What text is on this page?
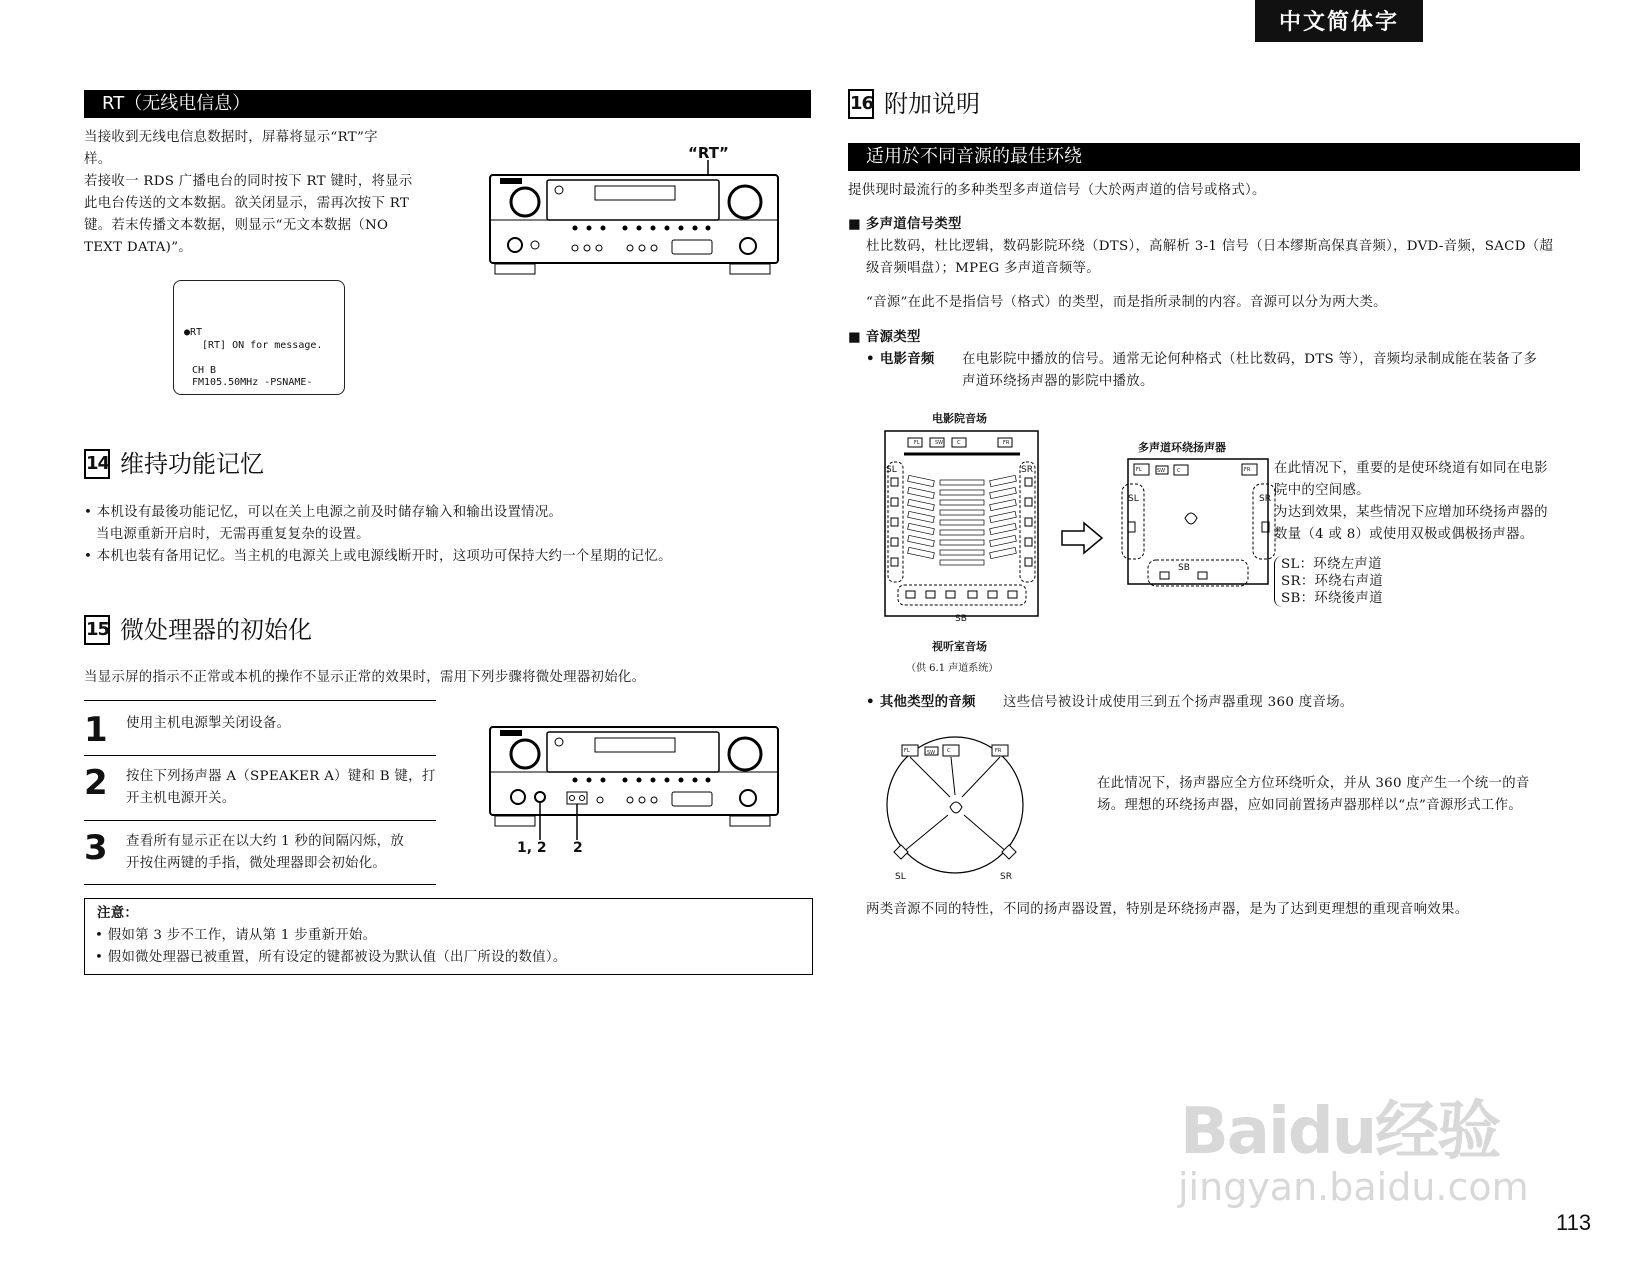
中文简体字
RT（无线电信息）
当接收到无线电信息数据时，屏幕将显示“RT”字
样。
若接收一 RDS 广播电台的同时按下 RT 键时，将显示
此电台传送的文本数据。欲关闭显示，需再次按下 RT
键。若末传播文本数据，则显示“无文本数据（NO
TEXT DATA)”。
“RT”
●RT
[RT] ON for message.
CH B
FM105.50MHz -PSNAME-
14 维持功能记忆
• 本机设有最後功能记忆，可以在关上电源之前及时储存输入和输出设置情况。
当电源重新开启时，无需再重复复杂的设置。
• 本机也装有备用记忆。当主机的电源关上或电源线断开时，这项功可保持大约一个星期的记忆。
15 微处理器的初始化
当显示屏的指示不正常或本机的操作不显示正常的效果时，需用下列步骤将微处理器初始化。
1 使用主机电源掣关闭设备。
2 按住下列扬声器 A（SPEAKER A）键和 B 键，打
开主机电源开关。
3 查看所有显示正在以大约 1 秒的间隔闪烁，放
开按住两键的手指，微处理器即会初始化。
1, 2 2
注意：
• 假如第 3 步不工作，请从第 1 步重新开始。
• 假如微处理器已被重置，所有设定的键都被设为默认值（出厂所设的数值）。
16 附加说明
适用於不同音源的最佳环绕
提供现时最流行的多种类型多声道信号（大於两声道的信号或格式）。
■ 多声道信号类型
杜比数码，杜比逻辑，数码影院环绕（DTS），高解析 3-1 信号（日本缪斯高保真音频），DVD-音频，SACD（超
级音频唱盘）；MPEG 多声道音频等。
“音源”在此不是指信号（格式）的类型，而是指所录制的内容。音源可以分为两大类。
■ 音源类型
• 电影音频 在电影院中播放的信号。通常无论何种格式（杜比数码，DTS 等），音频均录制成能在装备了多
声道环绕扬声器的影院中播放。
电影院音场
FL	SW	C	FR
SL	SR
SB
视听室音场
（供 6.1 声道系统）
多声道环绕扬声器
FL	SW C	FR
SL	SR
SB
在此情况下，重要的是使环绕道有如同在电影
院中的空间感。
为达到效果，某些情况下应增加环绕扬声器的
数量（4 或 8）或使用双极或偶极扬声器。
SL：环绕左声道
SR：环绕右声道
SB：环绕後声道
• 其他类型的音频 这些信号被设计成使用三到五个扬声器重现 360 度音场。
FL	SW C	FR
SL	SR
在此情况下，扬声器应全方位环绕听众，并从 360 度产生一个统一的音
场。理想的环绕扬声器，应如同前置扬声器那样以“点”音源形式工作。
两类音源不同的特性，不同的扬声器设置，特别是环绕扬声器，是为了达到更理想的重现音响效果。
Baidu经验
jingyan.baidu.com
113
